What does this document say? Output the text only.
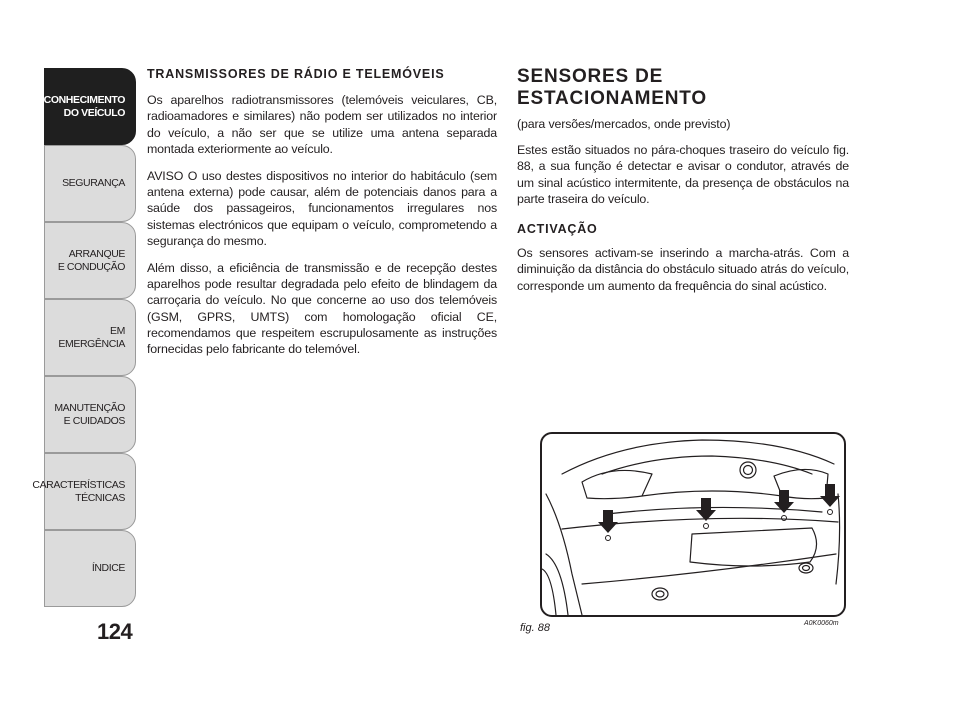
CONHECIMENTO
DO VEÍCULO
SEGURANÇA
ARRANQUE
E CONDUÇÃO
EM EMERGÊNCIA
MANUTENÇÃO
E CUIDADOS
CARACTERÍSTICAS
TÉCNICAS
ÍNDICE
124
TRANSMISSORES DE RÁDIO E TELEMÓVEIS

Os aparelhos radiotransmissores (telemóveis veiculares, CB, radioamadores e similares) não podem ser utilizados no interior do veículo, a não ser que se utilize uma antena separada montada exteriormente ao veículo.

AVISO O uso destes dispositivos no interior do habitáculo (sem antena externa) pode causar, além de potenciais danos para a saúde dos passageiros, funcionamentos irregulares nos sistemas electrónicos que equipam o veículo, comprometendo a segurança do mesmo.

Além disso, a eficiência de transmissão e de recepção destes aparelhos pode resultar degradada pelo efeito de blindagem da carroçaria do veículo. No que concerne ao uso dos telemóveis (GSM, GPRS, UMTS) com homologação oficial CE, recomendamos que respeitem escrupulosamente as instruções fornecidas pelo fabricante do telemóvel.

SENSORES DE ESTACIONAMENTO

(para versões/mercados, onde previsto)

Estes estão situados no pára-choques traseiro do veículo fig. 88, a sua função é detectar e avisar o condutor, através de um sinal acústico intermitente, da presença de obstáculos na parte traseira do veículo.

ACTIVAÇÃO

Os sensores activam-se inserindo a marcha-atrás. Com a diminuição da distância do obstáculo situado atrás do veículo, corresponde um aumento da frequência do sinal acústico.

fig. 88	A0K0060m
